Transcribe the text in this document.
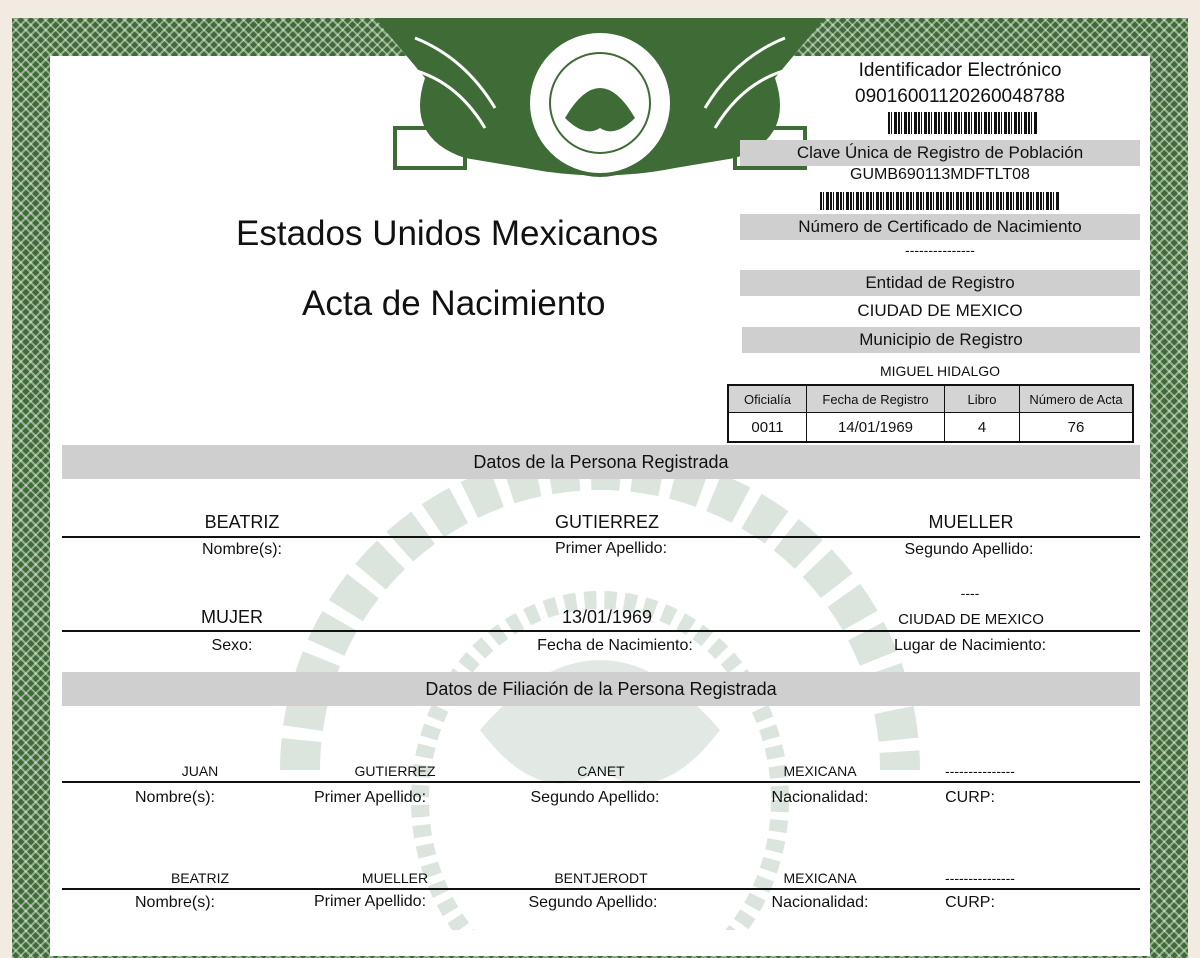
Estados Unidos Mexicanos
Acta de Nacimiento
Identificador Electrónico
09016001120260048788
Clave Única de Registro de Población
GUMB690113MDFTLT08
Número de Certificado de Nacimiento
---------------
Entidad de Registro
CIUDAD DE MEXICO
Municipio de Registro
MIGUEL HIDALGO
Oficialía	Fecha de Registro	Libro	Número de Acta
0011	14/01/1969	4	76
Datos de la Persona Registrada
BEATRIZ	GUTIERREZ	MUELLER
Nombre(s):	Primer Apellido:	Segundo Apellido:
----
MUJER	13/01/1969	CIUDAD DE MEXICO
Sexo:	Fecha de Nacimiento:	Lugar de Nacimiento:
Datos de Filiación de la Persona Registrada
JUAN	GUTIERREZ	CANET	MEXICANA	---------------
Nombre(s):	Primer Apellido:	Segundo Apellido:	Nacionalidad:	CURP:
BEATRIZ	MUELLER	BENTJERODT	MEXICANA	---------------
Nombre(s):	Primer Apellido:	Segundo Apellido:	Nacionalidad:	CURP:
